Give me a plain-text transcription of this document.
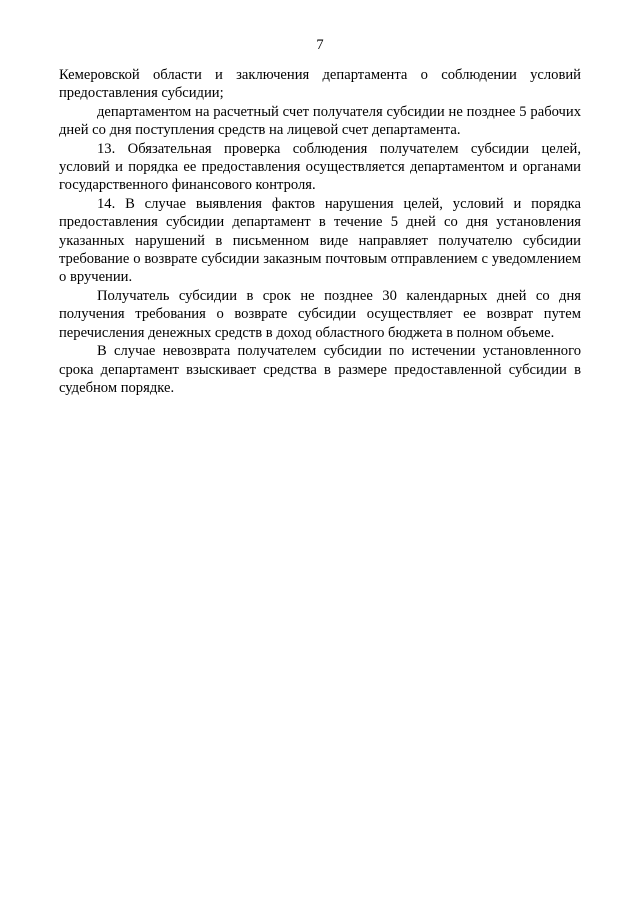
7

Кемеровской области и заключения департамента о соблюдении условий предоставления субсидии;

департаментом на расчетный счет получателя субсидии не позднее 5 рабочих дней со дня поступления средств на лицевой счет департамента.

13. Обязательная проверка соблюдения получателем субсидии целей, условий и порядка ее предоставления осуществляется департаментом и органами государственного финансового контроля.

14. В случае выявления фактов нарушения целей, условий и порядка предоставления субсидии департамент в течение 5 дней со дня установления указанных нарушений в письменном виде направляет получателю субсидии требование о возврате субсидии заказным почтовым отправлением с уведомлением о вручении.

Получатель субсидии в срок не позднее 30 календарных дней со дня получения требования о возврате субсидии осуществляет ее возврат путем перечисления денежных средств в доход областного бюджета в полном объеме.

В случае невозврата получателем субсидии по истечении установленного срока департамент взыскивает средства в размере предоставленной субсидии в судебном порядке.
